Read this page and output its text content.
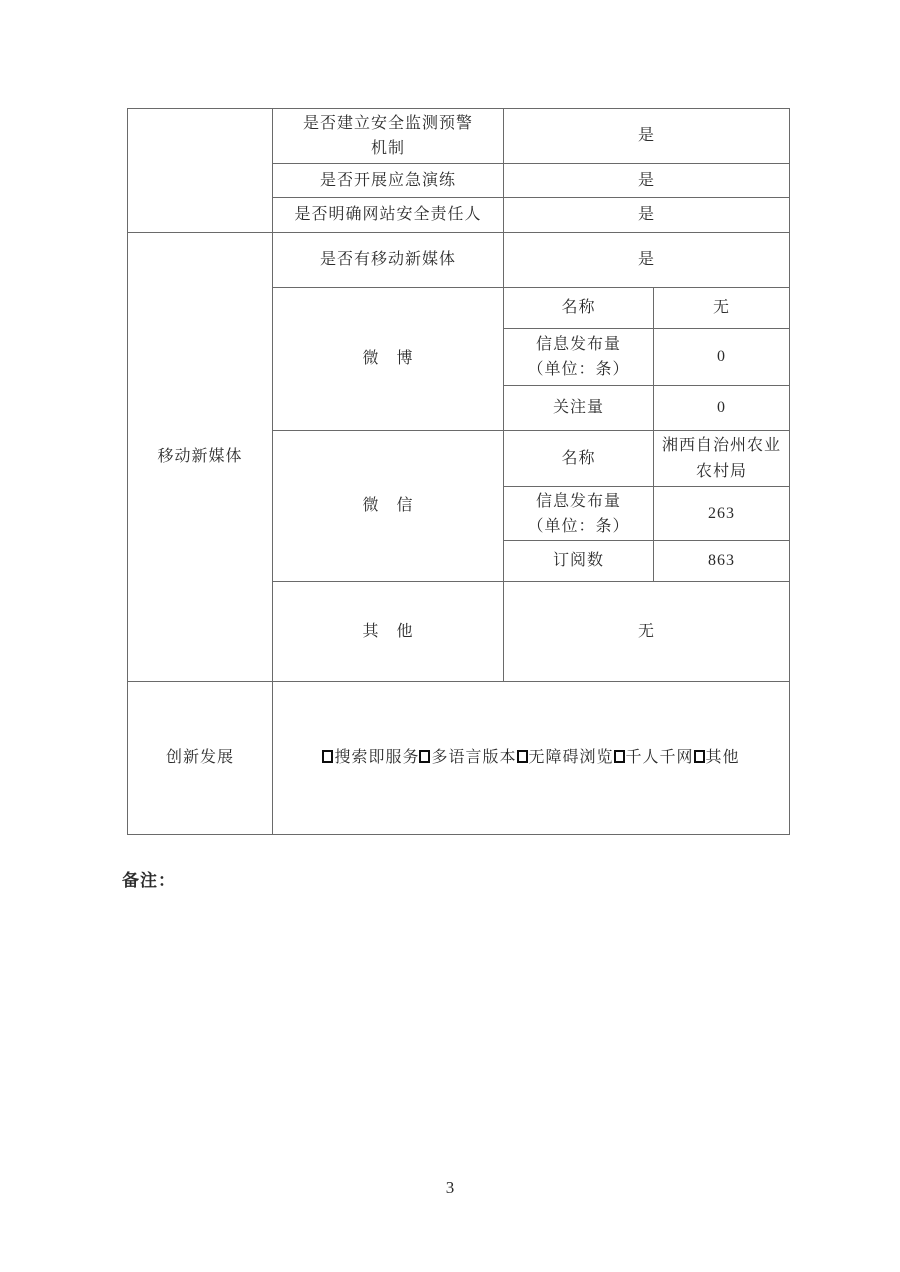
	是否建立安全监测预警
机制	是	
	是否开展应急演练	是	
	是否明确网站安全责任人	是	
移动新媒体	是否有移动新媒体	是	
	微　博	名称	无

		信息发布量
（单位：条）	0
		关注量	0
	微　信	名称	湘西自治州农业农村局

		信息发布量
（单位：条）	263
		订阅数	863
	其　他	无	
创新发展	搜索即服务 多语言版本 无障碍浏览 千人千网 其他		
备注：
3
